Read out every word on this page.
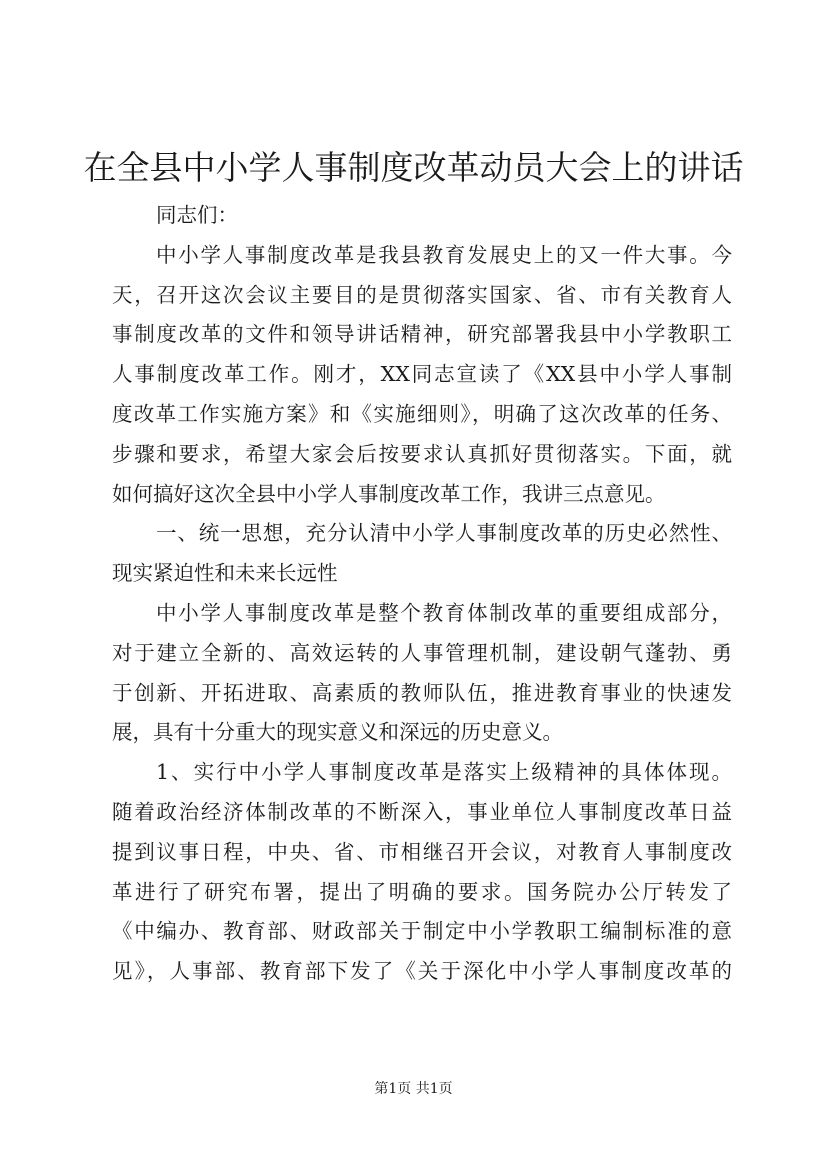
在全县中小学人事制度改革动员大会上的讲话
同志们：
中小学人事制度改革是我县教育发展史上的又一件大事。今
天，召开这次会议主要目的是贯彻落实国家、省、市有关教育人
事制度改革的文件和领导讲话精神，研究部署我县中小学教职工
人事制度改革工作。刚才，XX同志宣读了《XX县中小学人事制
度改革工作实施方案》和《实施细则》，明确了这次改革的任务、
步骤和要求，希望大家会后按要求认真抓好贯彻落实。下面，就
如何搞好这次全县中小学人事制度改革工作，我讲三点意见。
一、统一思想，充分认清中小学人事制度改革的历史必然性、
现实紧迫性和未来长远性
中小学人事制度改革是整个教育体制改革的重要组成部分，
对于建立全新的、高效运转的人事管理机制，建设朝气蓬勃、勇
于创新、开拓进取、高素质的教师队伍，推进教育事业的快速发
展，具有十分重大的现实意义和深远的历史意义。
1、实行中小学人事制度改革是落实上级精神的具体体现。
随着政治经济体制改革的不断深入，事业单位人事制度改革日益
提到议事日程，中央、省、市相继召开会议，对教育人事制度改
革进行了研究布署，提出了明确的要求。国务院办公厅转发了
《中编办、教育部、财政部关于制定中小学教职工编制标准的意
见》，人事部、教育部下发了《关于深化中小学人事制度改革的
第1页 共1页
